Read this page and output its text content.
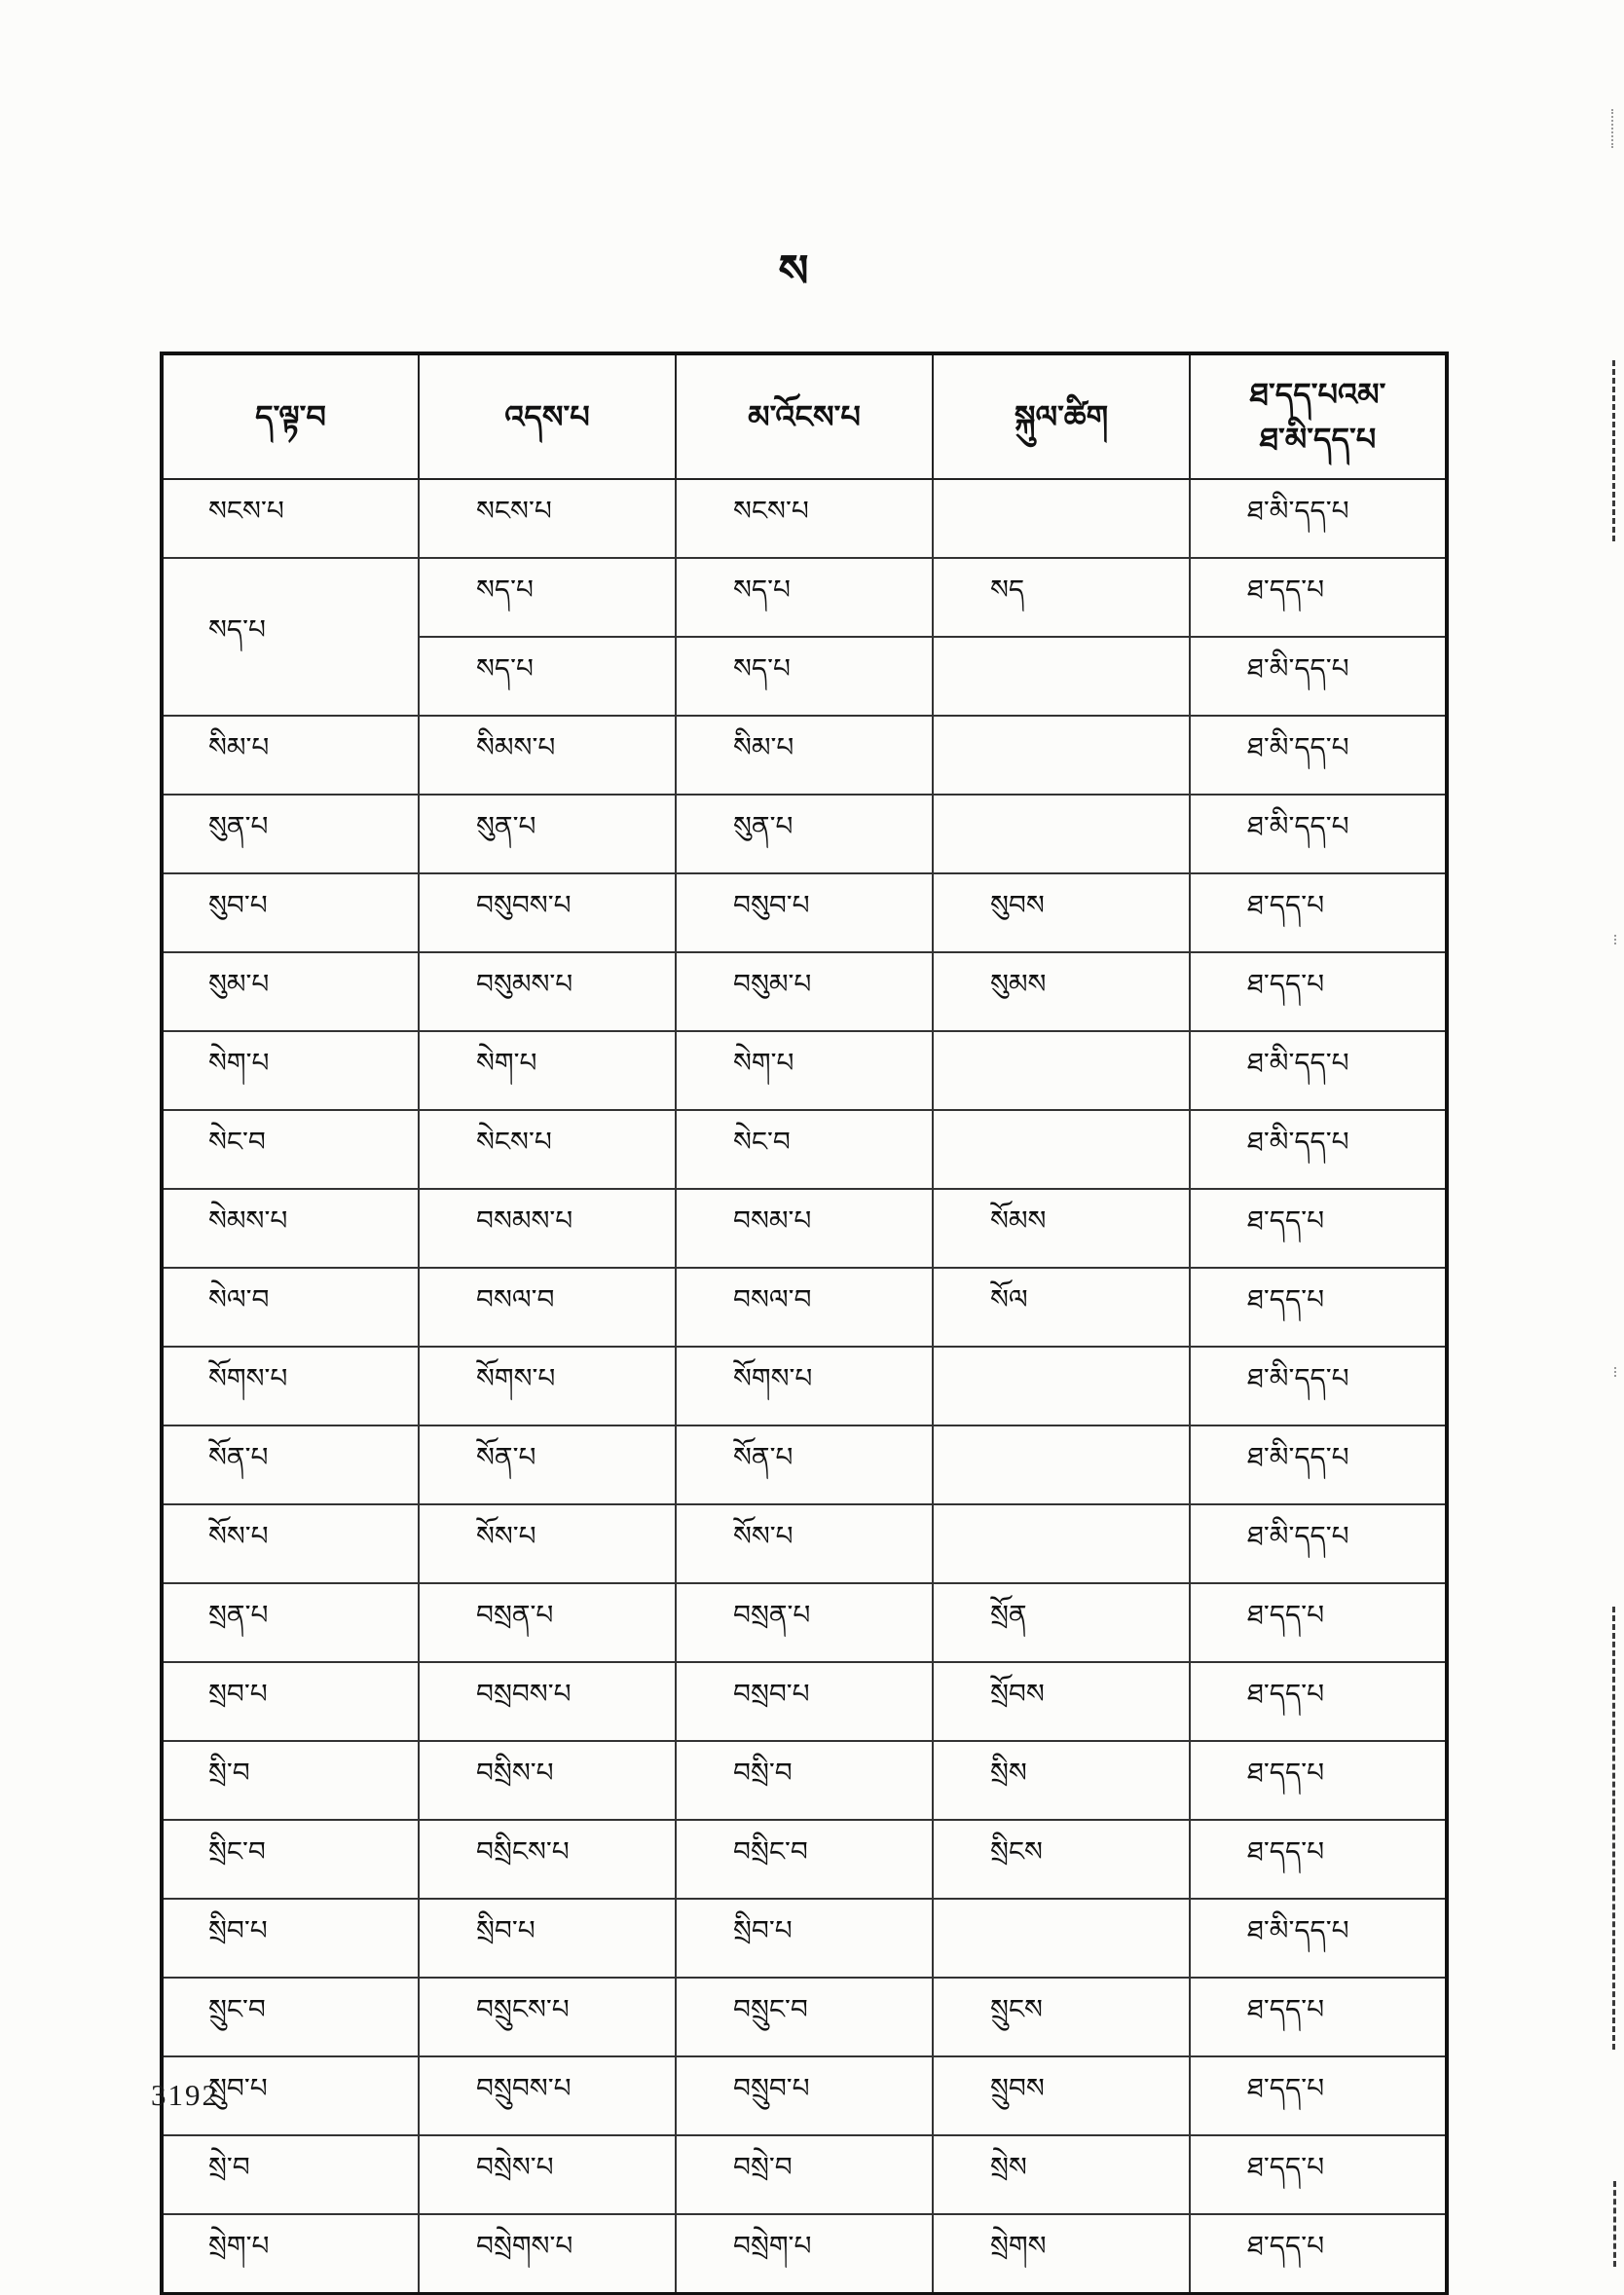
ས
ད་ལྟ་བ	འདས་པ	མ་འོངས་པ	སྐུལ་ཚིག	ཐ་དད་པའམ་
ཐ་མི་དད་པ

སངས་པ	སངས་པ	སངས་པ		ཐ་མི་དད་པ
སད་པ	སད་པ	སད་པ	སད	ཐ་དད་པ
	སད་པ	སད་པ		ཐ་མི་དད་པ
སིམ་པ	སིམས་པ	སིམ་པ		ཐ་མི་དད་པ
སུན་པ	སུན་པ	སུན་པ		ཐ་མི་དད་པ
སུབ་པ	བསུབས་པ	བསུབ་པ	སུབས	ཐ་དད་པ
སུམ་པ	བསུམས་པ	བསུམ་པ	སུམས	ཐ་དད་པ
སེག་པ	སེག་པ	སེག་པ		ཐ་མི་དད་པ
སེང་བ	སེངས་པ	སེང་བ		ཐ་མི་དད་པ
སེམས་པ	བསམས་པ	བསམ་པ	སོམས	ཐ་དད་པ
སེལ་བ	བསལ་བ	བསལ་བ	སོལ	ཐ་དད་པ
སོགས་པ	སོགས་པ	སོགས་པ		ཐ་མི་དད་པ
སོན་པ	སོན་པ	སོན་པ		ཐ་མི་དད་པ
སོས་པ	སོས་པ	སོས་པ		ཐ་མི་དད་པ
སྲན་པ	བསྲན་པ	བསྲན་པ	སྲོན	ཐ་དད་པ
སྲབ་པ	བསྲབས་པ	བསྲབ་པ	སྲོབས	ཐ་དད་པ
སྲི་བ	བསྲིས་པ	བསྲི་བ	སྲིས	ཐ་དད་པ
སྲིང་བ	བསྲིངས་པ	བསྲིང་བ	སྲིངས	ཐ་དད་པ
སྲིབ་པ	སྲིབ་པ	སྲིབ་པ		ཐ་མི་དད་པ
སྲུང་བ	བསྲུངས་པ	བསྲུང་བ	སྲུངས	ཐ་དད་པ
སྲུབ་པ	བསྲུབས་པ	བསྲུབ་པ	སྲུབས	ཐ་དད་པ
སྲེ་བ	བསྲེས་པ	བསྲེ་བ	སྲེས	ཐ་དད་པ
སྲེག་པ	བསྲེགས་པ	བསྲེག་པ	སྲེགས	ཐ་དད་པ
3192
